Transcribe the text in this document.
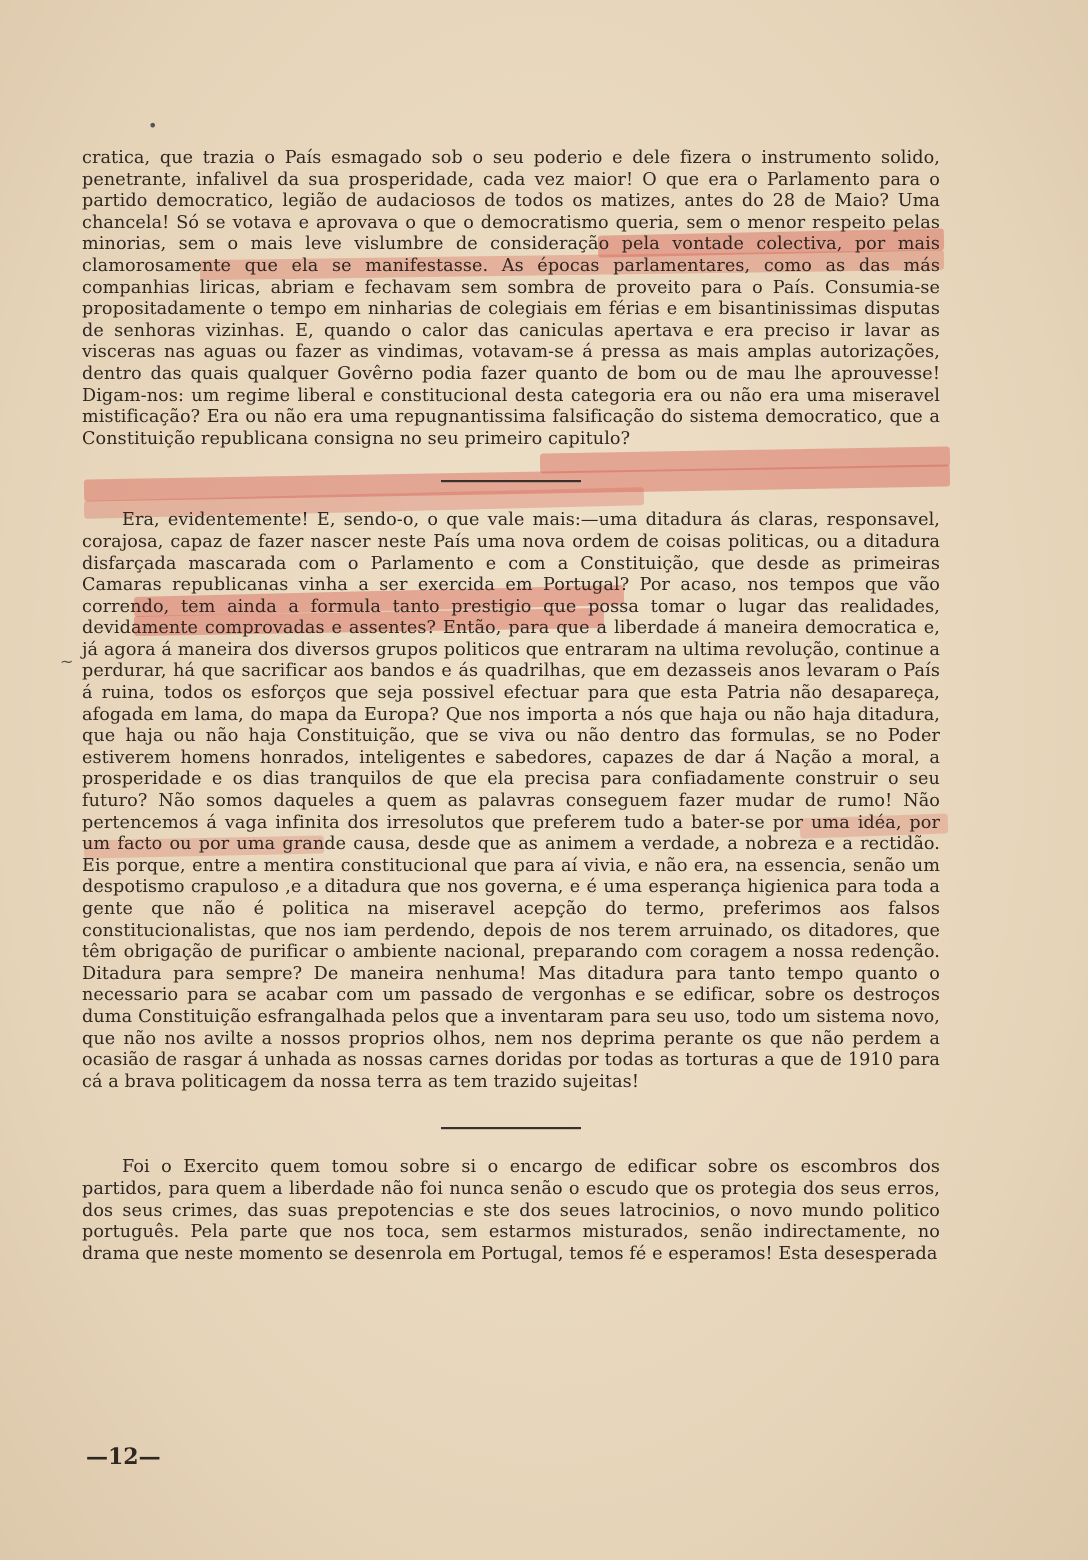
~
•

cratica, que trazia o País esmagado sob o seu poderio e dele fizera o instrumento solido, penetrante, infalivel da sua prosperidade, cada vez maior! O que era o Parlamento para o partido democratico, legião de audaciosos de todos os matizes, antes do 28 de Maio? Uma chancela! Só se votava e aprovava o que o democratismo queria, sem o menor respeito pelas minorias, sem o mais leve vislumbre de consideração pela vontade colectiva, por mais clamorosamente que ela se manifestasse. As épocas parlamentares, como as das más companhias liricas, abriam e fechavam sem sombra de proveito para o País. Consumia-se propositadamente o tempo em ninharias de colegiais em férias e em bisantinissimas disputas de senhoras vizinhas. E, quando o calor das caniculas apertava e era preciso ir lavar as visceras nas aguas ou fazer as vindimas, votavam-se á pressa as mais amplas autorizações, dentro das quais qualquer Govêrno podia fazer quanto de bom ou de mau lhe aprouvesse! Digam-nos: um regime liberal e constitucional desta categoria era ou não era uma miseravel mistificação? Era ou não era uma repugnantissima falsificação do sistema democratico, que a Constituição republicana consigna no seu primeiro capitulo?

Era, evidentemente! E, sendo-o, o que vale mais:—uma ditadura ás claras, responsavel, corajosa, capaz de fazer nascer neste País uma nova ordem de coisas politicas, ou a ditadura disfarçada mascarada com o Parlamento e com a Constituição, que desde as primeiras Camaras republicanas vinha a ser exercida em Portugal? Por acaso, nos tempos que vão correndo, tem ainda a formula tanto prestigio que possa tomar o lugar das realidades, devidamente comprovadas e assentes? Então, para que a liberdade á maneira democratica e, já agora á maneira dos diversos grupos politicos que entraram na ultima revolução, continue a perdurar, há que sacrificar aos bandos e ás quadrilhas, que em dezasseis anos levaram o País á ruina, todos os esforços que seja possivel efectuar para que esta Patria não desapareça, afogada em lama, do mapa da Europa? Que nos importa a nós que haja ou não haja ditadura, que haja ou não haja Constituição, que se viva ou não dentro das formulas, se no Poder estiverem homens honrados, inteligentes e sabedores, capazes de dar á Nação a moral, a prosperidade e os dias tranquilos de que ela precisa para confiadamente construir o seu futuro? Não somos daqueles a quem as palavras conseguem fazer mudar de rumo! Não pertencemos á vaga infinita dos irresolutos que preferem tudo a bater-se por uma idéa, por um facto ou por uma grande causa, desde que as animem a verdade, a nobreza e a rectidão. Eis porque, entre a mentira constitucional que para aí vivia, e não era, na essencia, senão um despotismo crapuloso ,e a ditadura que nos governa, e é uma esperança higienica para toda a gente que não é politica na miseravel acepção do termo, preferimos aos falsos constitucionalistas, que nos iam perdendo, depois de nos terem arruinado, os ditadores, que têm obrigação de purificar o ambiente nacional, preparando com coragem a nossa redenção. Ditadura para sempre? De maneira nenhuma! Mas ditadura para tanto tempo quanto o necessario para se acabar com um passado de vergonhas e se edificar, sobre os destroços duma Constituição esfrangalhada pelos que a inventaram para seu uso, todo um sistema novo, que não nos avilte a nossos proprios olhos, nem nos deprima perante os que não perdem a ocasião de rasgar á unhada as nossas carnes doridas por todas as torturas a que de 1910 para cá a brava politicagem da nossa terra as tem trazido sujeitas!

Foi o Exercito quem tomou sobre si o encargo de edificar sobre os escombros dos partidos, para quem a liberdade não foi nunca senão o escudo que os protegia dos seus erros, dos seus crimes, das suas prepotencias e ste dos seues latrocinios, o novo mundo politico português. Pela parte que nos toca, sem estarmos misturados, senão indirectamente, no drama que neste momento se desenrola em Portugal, temos fé e esperamos! Esta desesperada

—12—
